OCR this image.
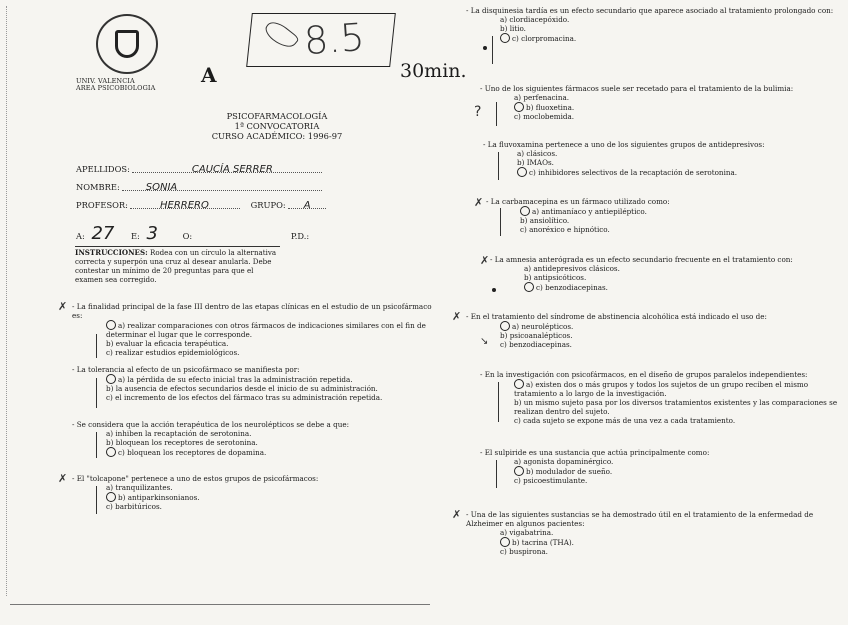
UNIV. VALENCIA
AREA PSICOBIOLOGIA
A
8.5
30min.
PSICOFARMACOLOGÍA
1ª CONVOCATORIA
CURSO ACADÉMICO: 1996-97
APELLIDOS:	CAUCÍA SERRER
NOMBRE:	SONIA
PROFESOR:	HERRERO	GRUPO: A
A: 27 E: 3	O:	P.D.:
INSTRUCCIONES: Rodea con un círculo la alternativa correcta y superpón una cruz al desear anularla. Debe contestar un mínimo de 20 preguntas para que el examen sea corregido.
✗ - La finalidad principal de la fase III dentro de las etapas clínicas en el estudio de un psicofármaco es:
a) realizar comparaciones con otros fármacos de indicaciones similares con el fin de determinar el lugar que le corresponde.
b) evaluar la eficacia terapéutica.
c) realizar estudios epidemiológicos.
- La tolerancia al efecto de un psicofármaco se manifiesta por:
a) la pérdida de su efecto inicial tras la administración repetida.
b) la ausencia de efectos secundarios desde el inicio de su administración.
c) el incremento de los efectos del fármaco tras su administración repetida.
- Se considera que la acción terapéutica de los neurolépticos se debe a que:
a) inhiben la recaptación de serotonina.
b) bloquean los receptores de serotonina.
c) bloquean los receptores de dopamina.
✗ - El "tolcapone" pertenece a uno de estos grupos de psicofármacos:
a) tranquilizantes.
b) antiparkinsonianos.
c) barbitúricos.
- La disquinesia tardía es un efecto secundario que aparece asociado al tratamiento prolongado con:
a) clordiacepóxido.
b) litio.
c) clorpromacina.
- Uno de los siguientes fármacos suele ser recetado para el tratamiento de la bulimia:
a) perfenacina.
b) fluoxetina.
c) moclobemida.
?
- La fluvoxamina pertenece a uno de los siguientes grupos de antidepresivos:
a) clásicos.
b) IMAOs.
c) inhibidores selectivos de la recaptación de serotonina.
✗ - La carbamacepina es un fármaco utilizado como:
a) antimaníaco y antiepiléptico.
b) ansiolítico.
c) anoréxico e hipnótico.
✗ - La amnesia anterógrada es un efecto secundario frecuente en el tratamiento con:
a) antidepresivos clásicos.
b) antipsicóticos.
c) benzodiacepinas.
✗ - En el tratamiento del síndrome de abstinencia alcohólica está indicado el uso de:
a) neurolépticos.
b) psicoanalépticos.
c) benzodiacepinas.
↘
- En la investigación con psicofármacos, en el diseño de grupos paralelos independientes:
a) existen dos o más grupos y todos los sujetos de un grupo reciben el mismo tratamiento a lo largo de la investigación.
b) un mismo sujeto pasa por los diversos tratamientos existentes y las comparaciones se realizan dentro del sujeto.
c) cada sujeto se expone más de una vez a cada tratamiento.
- El sulpiride es una sustancia que actúa principalmente como:
a) agonista dopaminérgico.
b) modulador de sueño.
c) psicoestimulante.
✗ - Una de las siguientes sustancias se ha demostrado útil en el tratamiento de la enfermedad de Alzheimer en algunos pacientes:
a) vigabatrina.
b) tacrina (THA).
c) buspirona.
